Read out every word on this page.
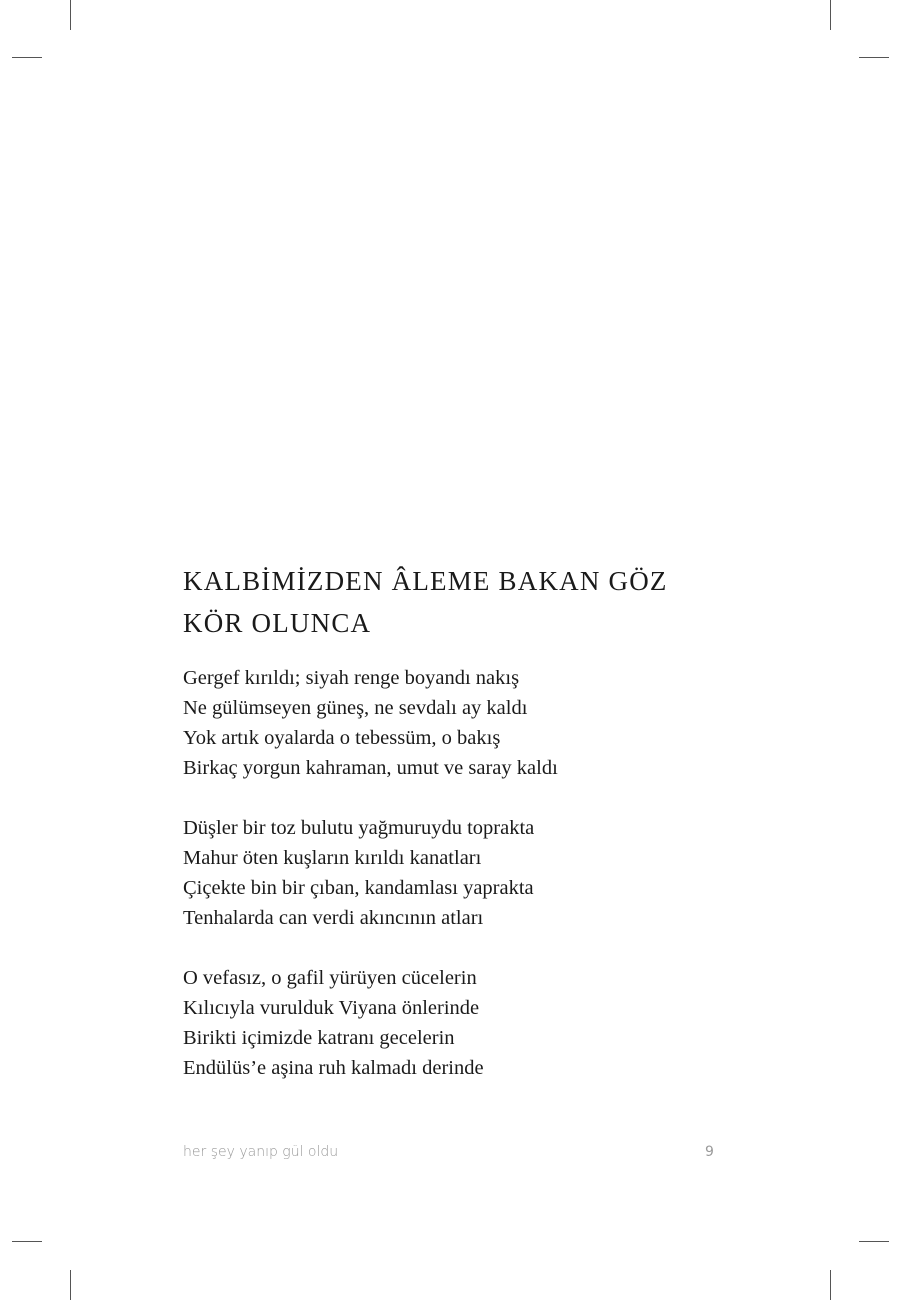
KALBİMİZDEN ÂLEME BAKAN GÖZ
KÖR OLUNCA
Gergef kırıldı; siyah renge boyandı nakış
Ne gülümseyen güneş, ne sevdalı ay kaldı
Yok artık oyalarda o tebessüm, o bakış
Birkaç yorgun kahraman, umut ve saray kaldı
Düşler bir toz bulutu yağmuruydu toprakta
Mahur öten kuşların kırıldı kanatları
Çiçekte bin bir çıban, kandamlası yaprakta
Tenhalarda can verdi akıncının atları
O vefasız, o gafil yürüyen cücelerin
Kılıcıyla vurulduk Viyana önlerinde
Birikti içimizde katranı gecelerin
Endülüs’e aşina ruh kalmadı derinde
her şey yanıp gül oldu	9
